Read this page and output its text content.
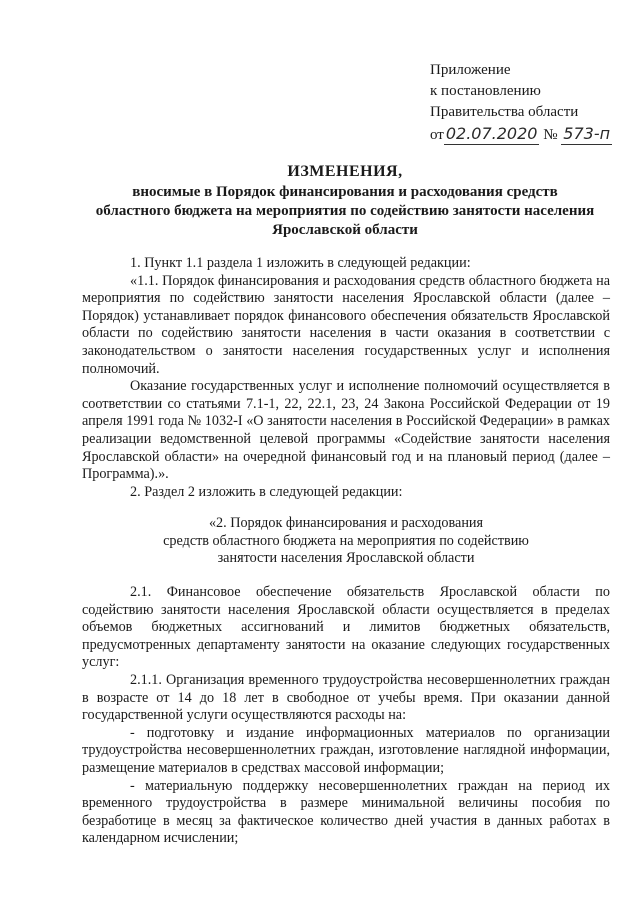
Приложение
к постановлению
Правительства области
от 02.07.2020 № 573-п
ИЗМЕНЕНИЯ,
вносимые в Порядок финансирования и расходования средств
областного бюджета на мероприятия по содействию занятости населения
Ярославской области

1. Пункт 1.1 раздела 1 изложить в следующей редакции:

«1.1. Порядок финансирования и расходования средств областного бюджета на мероприятия по содействию занятости населения Ярославской области (далее – Порядок) устанавливает порядок финансового обеспечения обязательств Ярославской области по содействию занятости населения в части оказания в соответствии с законодательством о занятости населения государственных услуг и исполнения полномочий.

Оказание государственных услуг и исполнение полномочий осуществляется в соответствии со статьями 7.1-1, 22, 22.1, 23, 24 Закона Российской Федерации от 19 апреля 1991 года № 1032-I «О занятости населения в Российской Федерации» в рамках реализации ведомственной целевой программы «Содействие занятости населения Ярославской области» на очередной финансовый год и на плановый период (далее – Программа).».

2. Раздел 2 изложить в следующей редакции:

«2. Порядок финансирования и расходования

средств областного бюджета на мероприятия по содействию

занятости населения Ярославской области

2.1. Финансовое обеспечение обязательств Ярославской области по содействию занятости населения Ярославской области осуществляется в пределах объемов бюджетных ассигнований и лимитов бюджетных обязательств, предусмотренных департаменту занятости на оказание следующих государственных услуг:

2.1.1. Организация временного трудоустройства несовершеннолетних граждан в возрасте от 14 до 18 лет в свободное от учебы время. При оказании данной государственной услуги осуществляются расходы на:

- подготовку и издание информационных материалов по организации трудоустройства несовершеннолетних граждан, изготовление наглядной информации, размещение материалов в средствах массовой информации;

- материальную поддержку несовершеннолетних граждан на период их временного трудоустройства в размере минимальной величины пособия по безработице в месяц за фактическое количество дней участия в данных работах в календарном исчислении;
